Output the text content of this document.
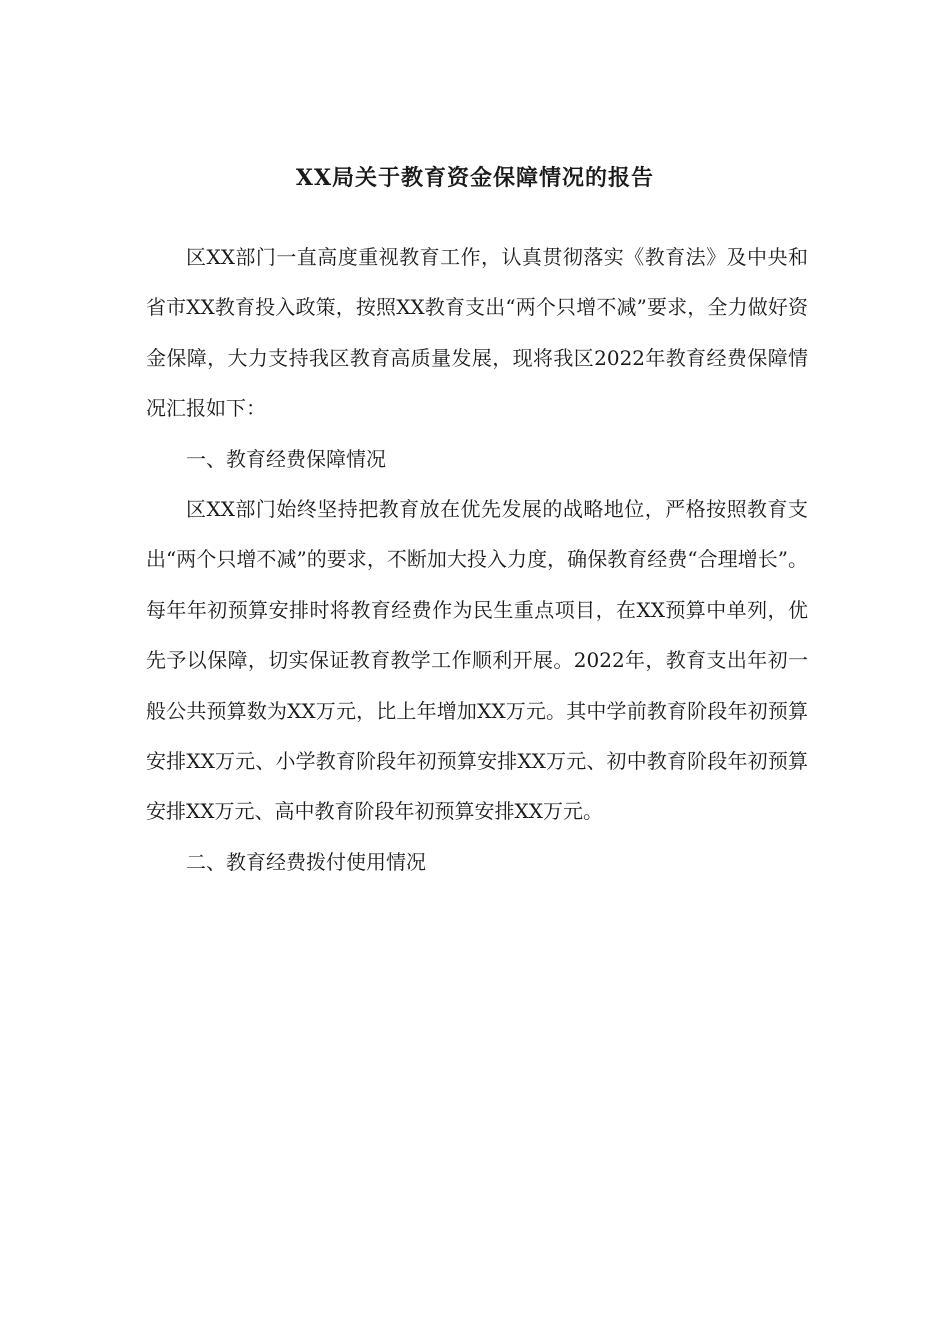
XX局关于教育资金保障情况的报告

区XX部门一直高度重视教育工作，认真贯彻落实《教育法》及中央和省市XX教育投入政策，按照XX教育支出“两个只增不减”要求，全力做好资金保障，大力支持我区教育高质量发展，现将我区2022年教育经费保障情况汇报如下：

一、教育经费保障情况

区XX部门始终坚持把教育放在优先发展的战略地位，严格按照教育支出“两个只增不减”的要求，不断加大投入力度，确保教育经费“合理增长”。每年年初预算安排时将教育经费作为民生重点项目，在XX预算中单列，优先予以保障，切实保证教育教学工作顺利开展。2022年，教育支出年初一般公共预算数为XX万元，比上年增加XX万元。其中学前教育阶段年初预算安排XX万元、小学教育阶段年初预算安排XX万元、初中教育阶段年初预算安排XX万元、高中教育阶段年初预算安排XX万元。

二、教育经费拨付使用情况
